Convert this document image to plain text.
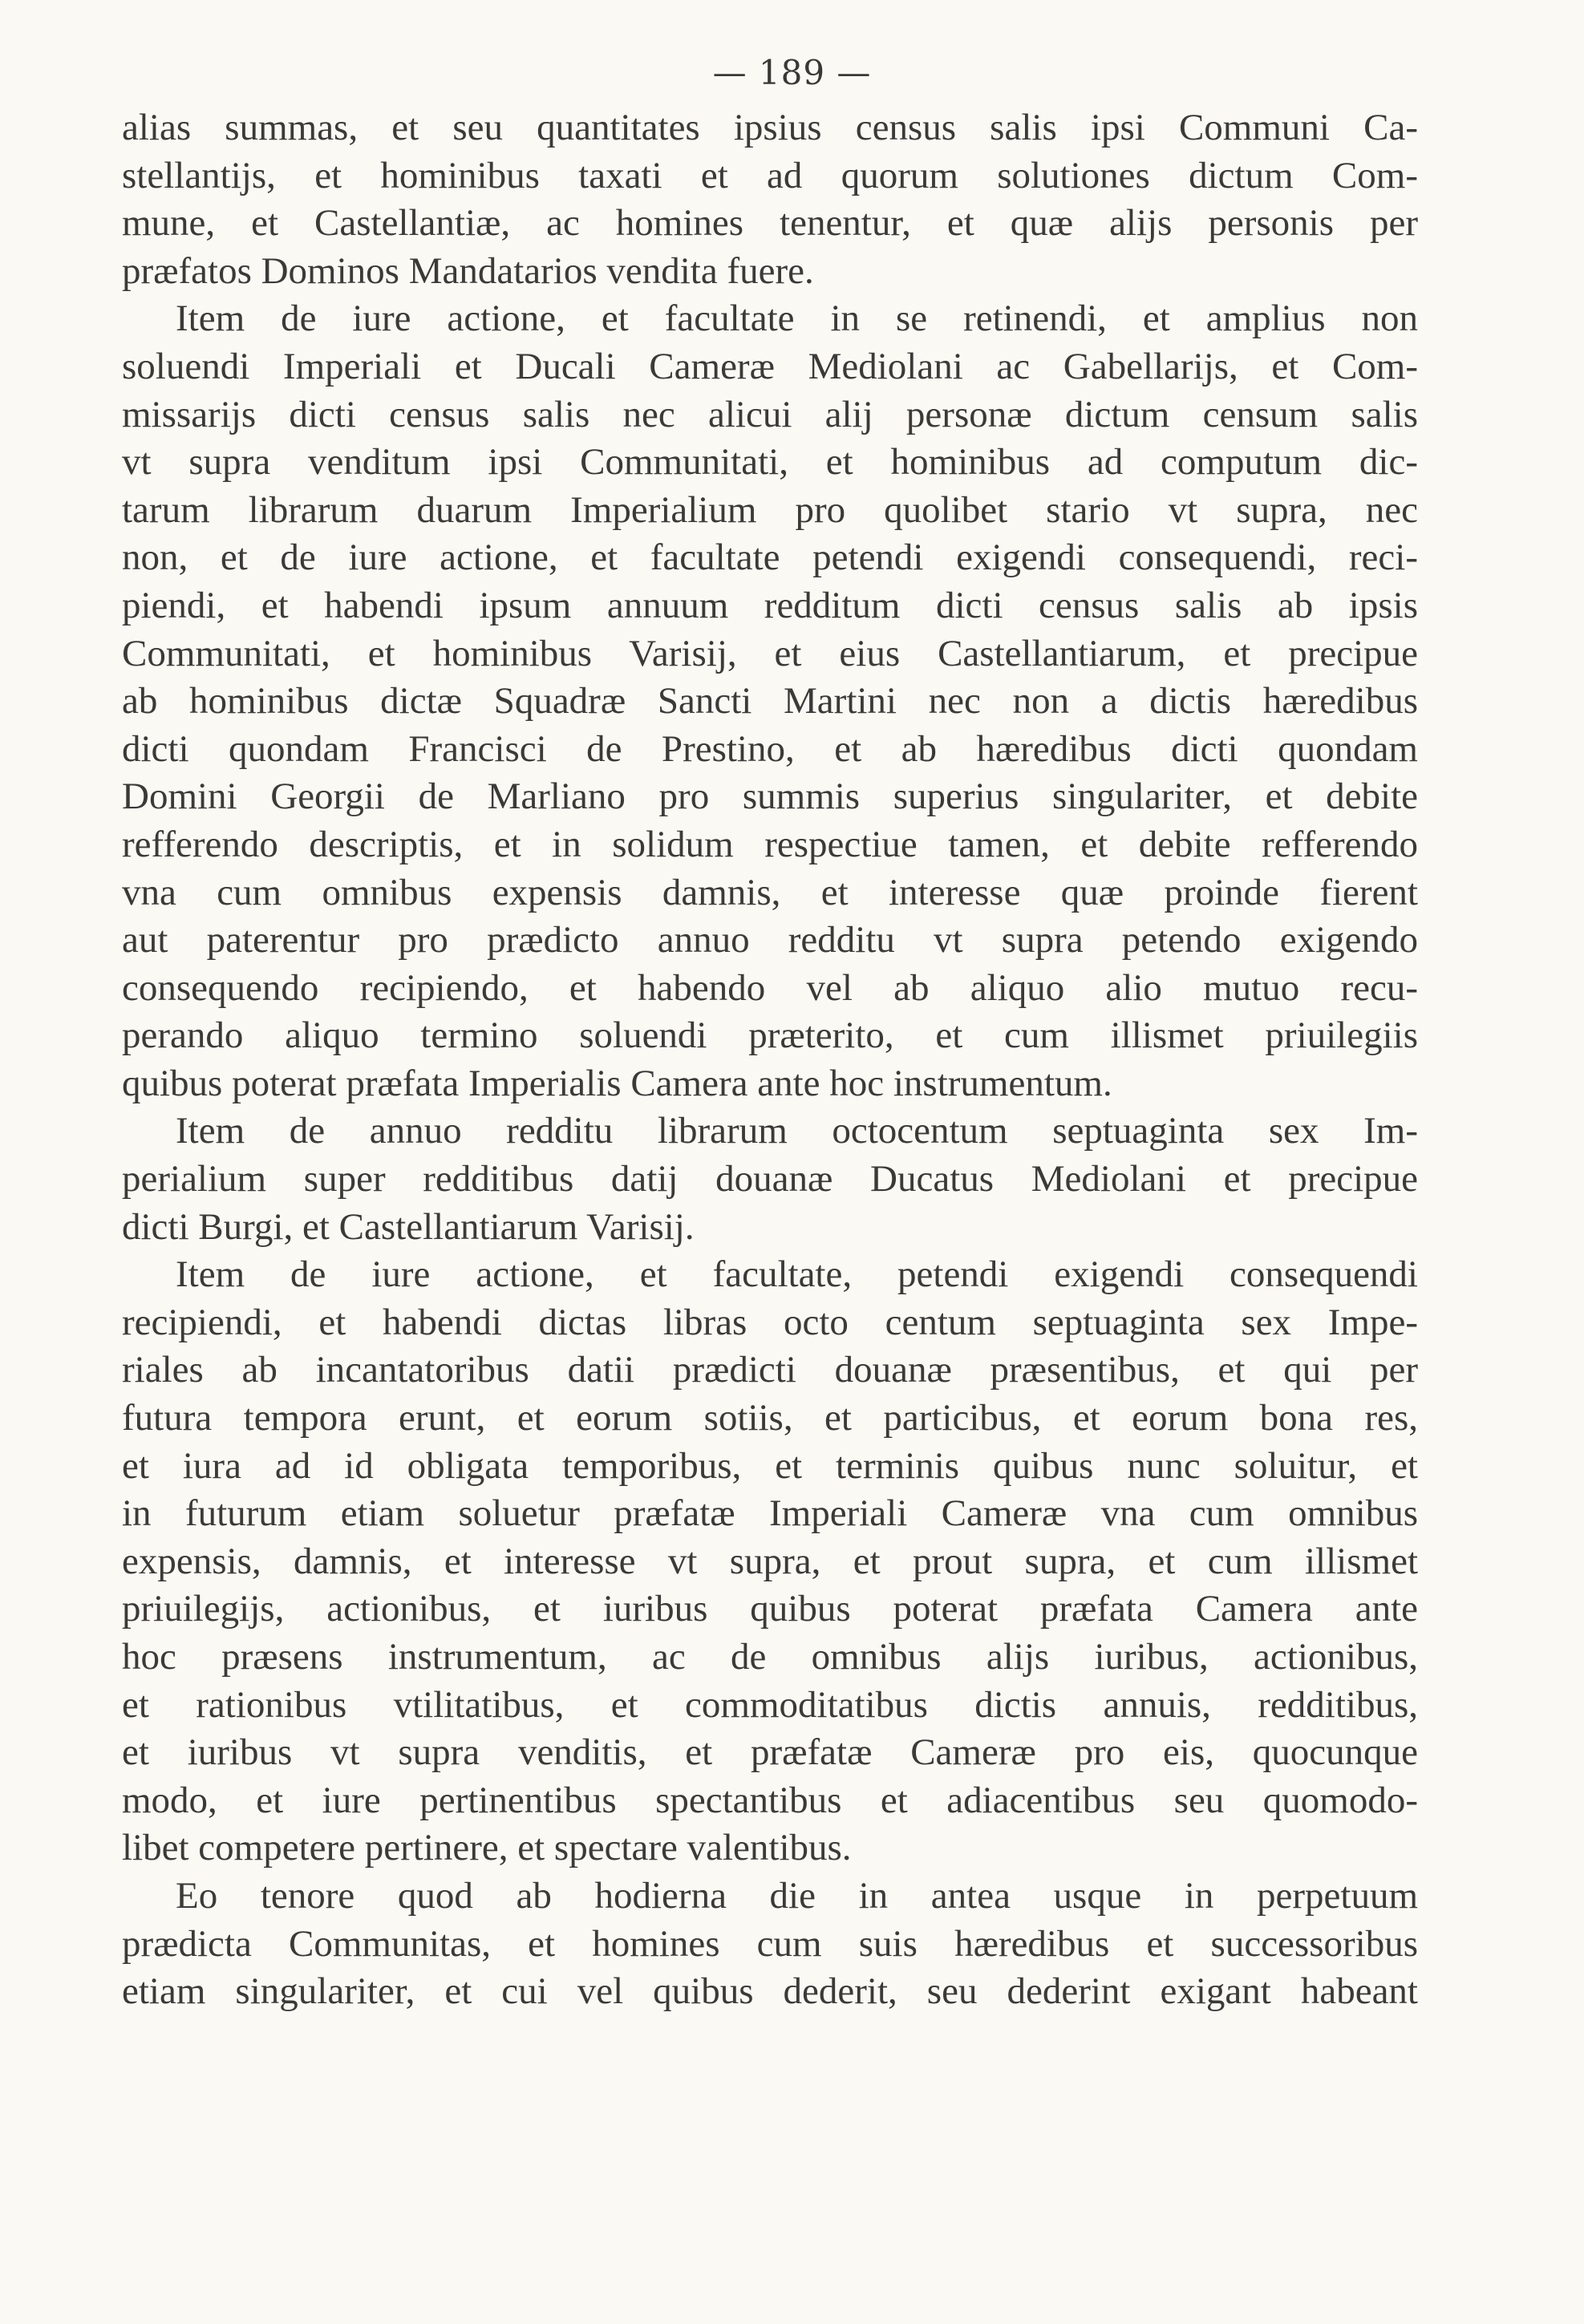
— 189 —
alias summas, et seu quantitates ipsius census salis ipsi Communi Ca-
stellantijs, et hominibus taxati et ad quorum solutiones dictum Com-
mune, et Castellantiæ, ac homines tenentur, et quæ alijs personis per
præfatos Dominos Mandatarios vendita fuere.
Item de iure actione, et facultate in se retinendi, et amplius non
soluendi Imperiali et Ducali Cameræ Mediolani ac Gabellarijs, et Com-
missarijs dicti census salis nec alicui alij personæ dictum censum salis
vt supra venditum ipsi Communitati, et hominibus ad computum dic-
tarum librarum duarum Imperialium pro quolibet stario vt supra, nec
non, et de iure actione, et facultate petendi exigendi consequendi, reci-
piendi, et habendi ipsum annuum redditum dicti census salis ab ipsis
Communitati, et hominibus Varisij, et eius Castellantiarum, et precipue
ab hominibus dictæ Squadræ Sancti Martini nec non a dictis hæredibus
dicti quondam Francisci de Prestino, et ab hæredibus dicti quondam
Domini Georgii de Marliano pro summis superius singulariter, et debite
refferendo descriptis, et in solidum respectiue tamen, et debite refferendo
vna cum omnibus expensis damnis, et interesse quæ proinde fierent
aut paterentur pro prædicto annuo redditu vt supra petendo exigendo
consequendo recipiendo, et habendo vel ab aliquo alio mutuo recu-
perando aliquo termino soluendi præterito, et cum illismet priuilegiis
quibus poterat præfata Imperialis Camera ante hoc instrumentum.
Item de annuo redditu librarum octocentum septuaginta sex Im-
perialium super redditibus datij douanæ Ducatus Mediolani et precipue
dicti Burgi, et Castellantiarum Varisij.
Item de iure actione, et facultate, petendi exigendi consequendi
recipiendi, et habendi dictas libras octo centum septuaginta sex Impe-
riales ab incantatoribus datii prædicti douanæ præsentibus, et qui per
futura tempora erunt, et eorum sotiis, et particibus, et eorum bona res,
et iura ad id obligata temporibus, et terminis quibus nunc soluitur, et
in futurum etiam soluetur præfatæ Imperiali Cameræ vna cum omnibus
expensis, damnis, et interesse vt supra, et prout supra, et cum illismet
priuilegijs, actionibus, et iuribus quibus poterat præfata Camera ante
hoc præsens instrumentum, ac de omnibus alijs iuribus, actionibus,
et rationibus vtilitatibus, et commoditatibus dictis annuis, redditibus,
et iuribus vt supra venditis, et præfatæ Cameræ pro eis, quocunque
modo, et iure pertinentibus spectantibus et adiacentibus seu quomodo-
libet competere pertinere, et spectare valentibus.
Eo tenore quod ab hodierna die in antea usque in perpetuum
prædicta Communitas, et homines cum suis hæredibus et successoribus
etiam singulariter, et cui vel quibus dederit, seu dederint exigant habeant
